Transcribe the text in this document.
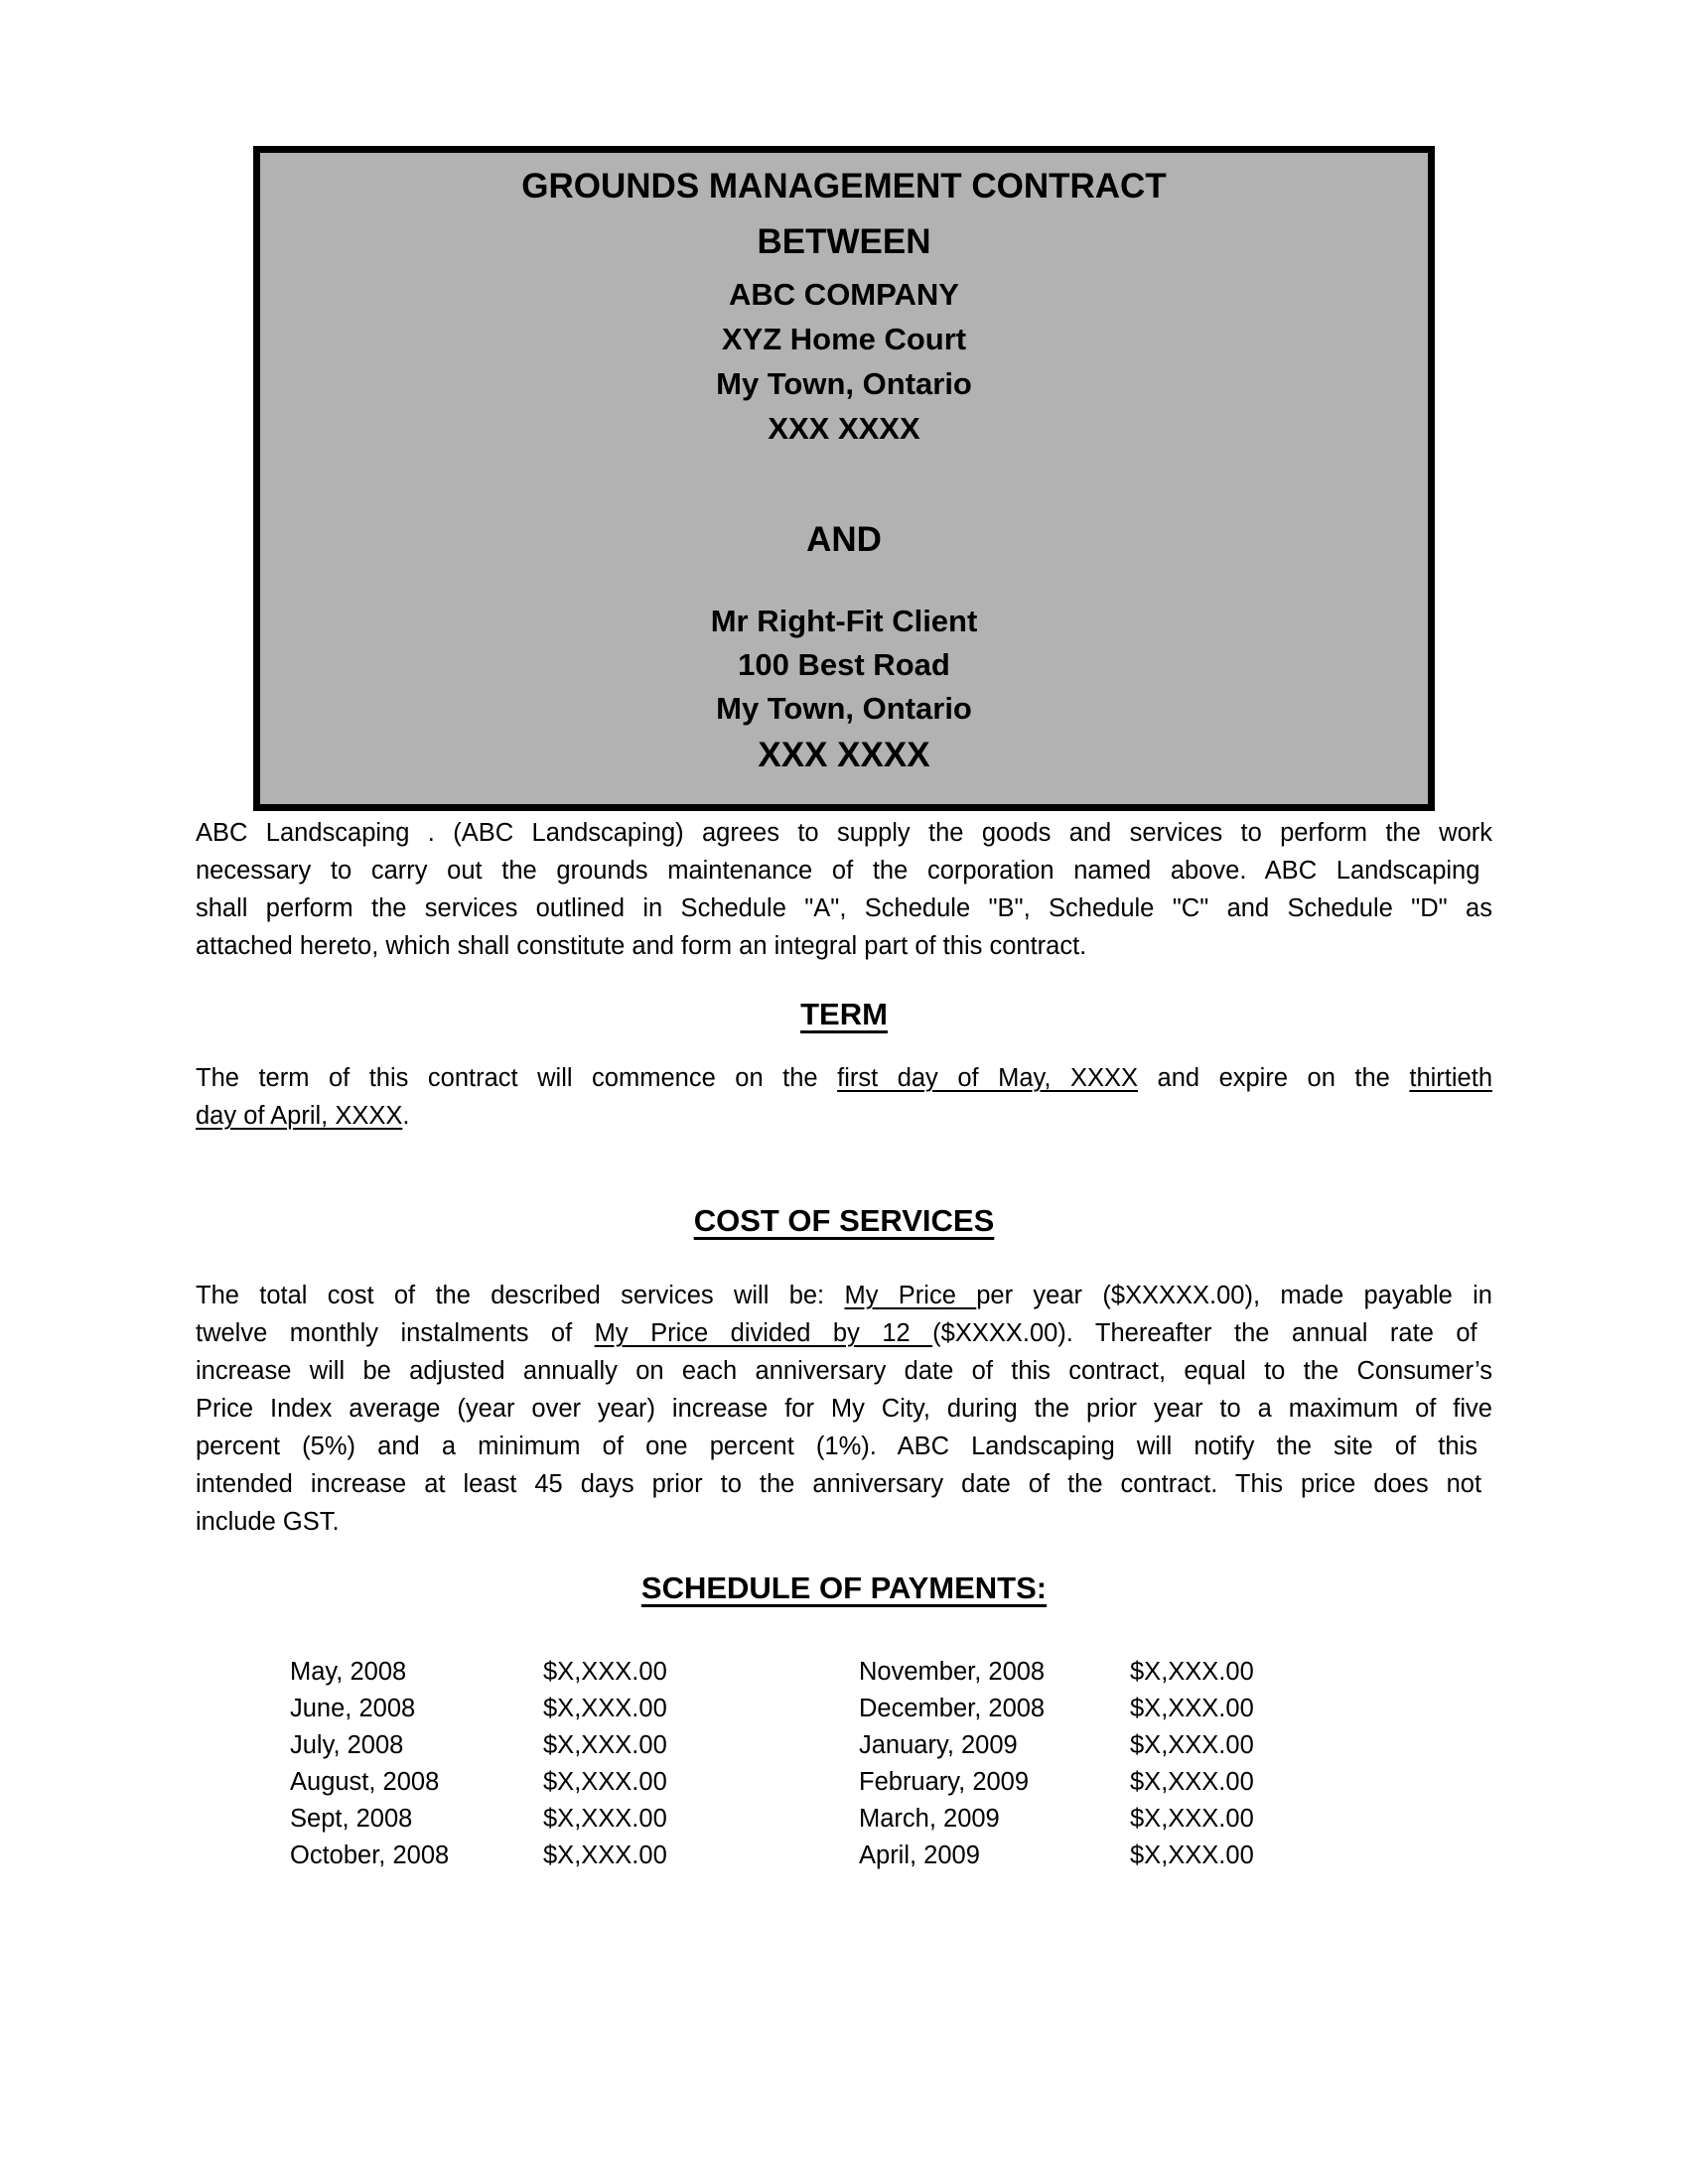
GROUNDS MANAGEMENT CONTRACT
BETWEEN
ABC COMPANY
XYZ Home Court
My Town, Ontario
XXX XXXX
AND
Mr Right-Fit Client
100 Best Road
My Town, Ontario
XXX XXXX
ABC Landscaping . (ABC Landscaping) agrees to supply the goods and services to perform the work
necessary to carry out the grounds maintenance of the corporation named above. ABC Landscaping
shall perform the services outlined in Schedule "A", Schedule "B", Schedule "C" and Schedule "D" as
attached hereto, which shall constitute and form an integral part of this contract.
TERM
The term of this contract will commence on the first day of May, XXXX and expire on the thirtieth
day of April, XXXX.
COST OF SERVICES
The total cost of the described services will be: My Price per year ($XXXXX.00), made payable in
twelve monthly instalments of My Price divided by 12 ($XXXX.00). Thereafter the annual rate of
increase will be adjusted annually on each anniversary date of this contract, equal to the Consumer’s
Price Index average (year over year) increase for My City, during the prior year to a maximum of five
percent (5%) and a minimum of one percent (1%). ABC Landscaping will notify the site of this
intended increase at least 45 days prior to the anniversary date of the contract. This price does not
include GST.
SCHEDULE OF PAYMENTS:
May, 2008	$X,XXX.00
June, 2008	$X,XXX.00
July, 2008	$X,XXX.00
August, 2008	$X,XXX.00
Sept, 2008	$X,XXX.00
October, 2008	$X,XXX.00
November, 2008	$X,XXX.00
December, 2008	$X,XXX.00
January, 2009	$X,XXX.00
February, 2009	$X,XXX.00
March, 2009	$X,XXX.00
April, 2009	$X,XXX.00
